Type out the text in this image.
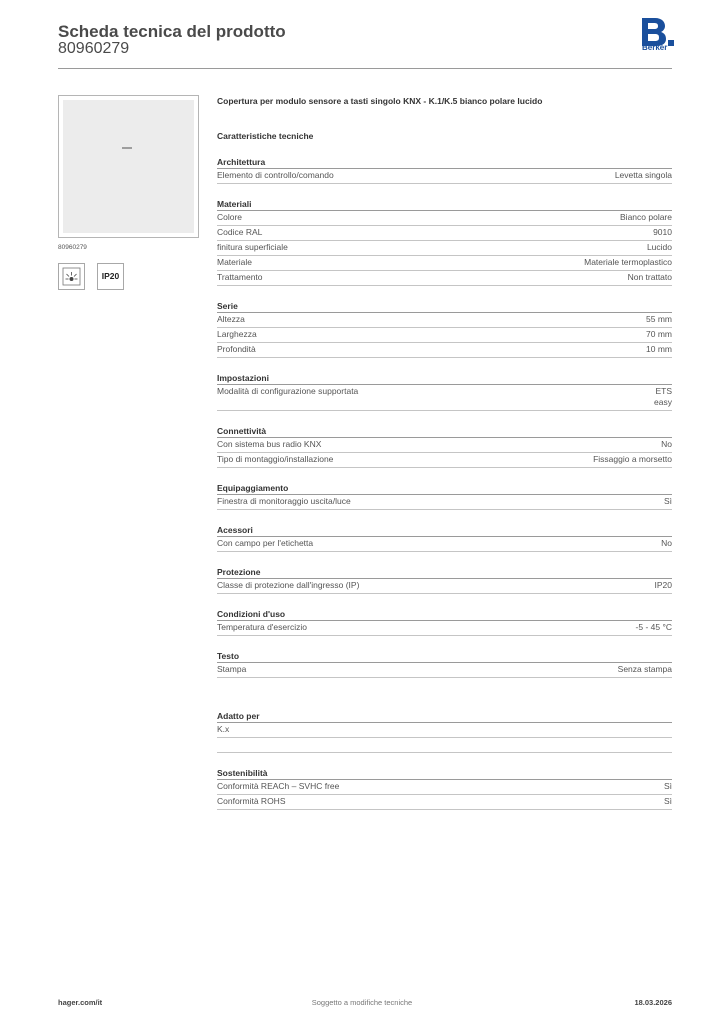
Scheda tecnica del prodotto
80960279	Berker
80960279
IP20
Copertura per modulo sensore a tasti singolo KNX - K.1/K.5 bianco polare lucido
Caratteristiche tecniche
Architettura
Elemento di controllo/comando	Levetta singola
Materiali
Colore	Bianco polare
Codice RAL	9010
finitura superficiale	Lucido
Materiale	Materiale termoplastico
Trattamento	Non trattato
Serie
Altezza	55 mm
Larghezza	70 mm
Profondità	10 mm
Impostazioni
Modalità di configurazione supportata	ETS
easy
Connettività
Con sistema bus radio KNX	No
Tipo di montaggio/installazione	Fissaggio a morsetto
Equipaggiamento
Finestra di monitoraggio uscita/luce	Sì
Acessori
Con campo per l'etichetta	No
Protezione
Classe di protezione dall'ingresso (IP)	IP20
Condizioni d'uso
Temperatura d'esercizio	-5 - 45 °C
Testo
Stampa	Senza stampa
Adatto per
K.x
Sostenibilità
Conformità REACh – SVHC free	Sì
Conformità ROHS	Sì
hager.com/it	Soggetto a modifiche tecniche	18.03.2026
